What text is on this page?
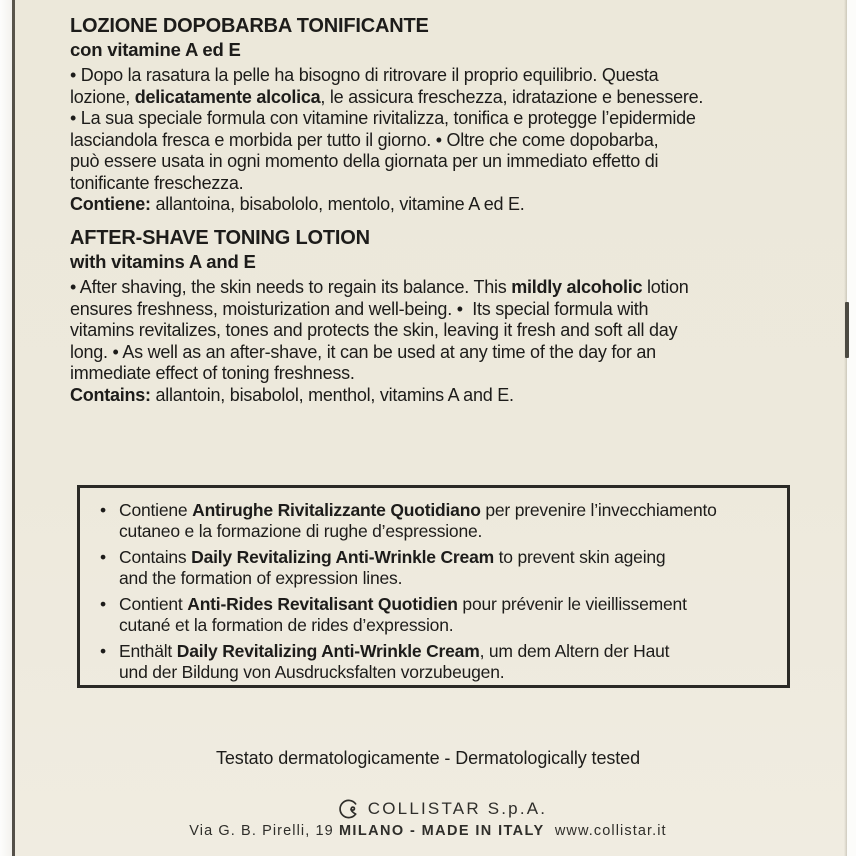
LOZIONE DOPOBARBA TONIFICANTE
con vitamine A ed E
• Dopo la rasatura la pelle ha bisogno di ritrovare il proprio equilibrio. Questa
lozione, delicatamente alcolica, le assicura freschezza, idratazione e benessere.
• La sua speciale formula con vitamine rivitalizza, tonifica e protegge l’epidermide
lasciandola fresca e morbida per tutto il giorno. • Oltre che come dopobarba,
può essere usata in ogni momento della giornata per un immediato effetto di
tonificante freschezza.
Contiene: allantoina, bisabololo, mentolo, vitamine A ed E.
AFTER-SHAVE TONING LOTION
with vitamins A and E
• After shaving, the skin needs to regain its balance. This mildly alcoholic lotion
ensures freshness, moisturization and well-being. •  Its special formula with
vitamins revitalizes, tones and protects the skin, leaving it fresh and soft all day
long. • As well as an after-shave, it can be used at any time of the day for an
immediate effect of toning freshness.
Contains: allantoin, bisabolol, menthol, vitamins A and E.
• Contiene Antirughe Rivitalizzante Quotidiano per prevenire l’invecchiamento
cutaneo e la formazione di rughe d’espressione.
• Contains Daily Revitalizing Anti-Wrinkle Cream to prevent skin ageing
and the formation of expression lines.
• Contient Anti-Rides Revitalisant Quotidien pour prévenir le vieillissement
cutané et la formation de rides d’expression.
• Enthält Daily Revitalizing Anti-Wrinkle Cream, um dem Altern der Haut
und der Bildung von Ausdrucksfalten vorzubeugen.
Testato dermatologicamente - Dermatologically tested
COLLISTAR S.p.A.
Via G. B. Pirelli, 19 MILANO - MADE IN ITALY  www.collistar.it
